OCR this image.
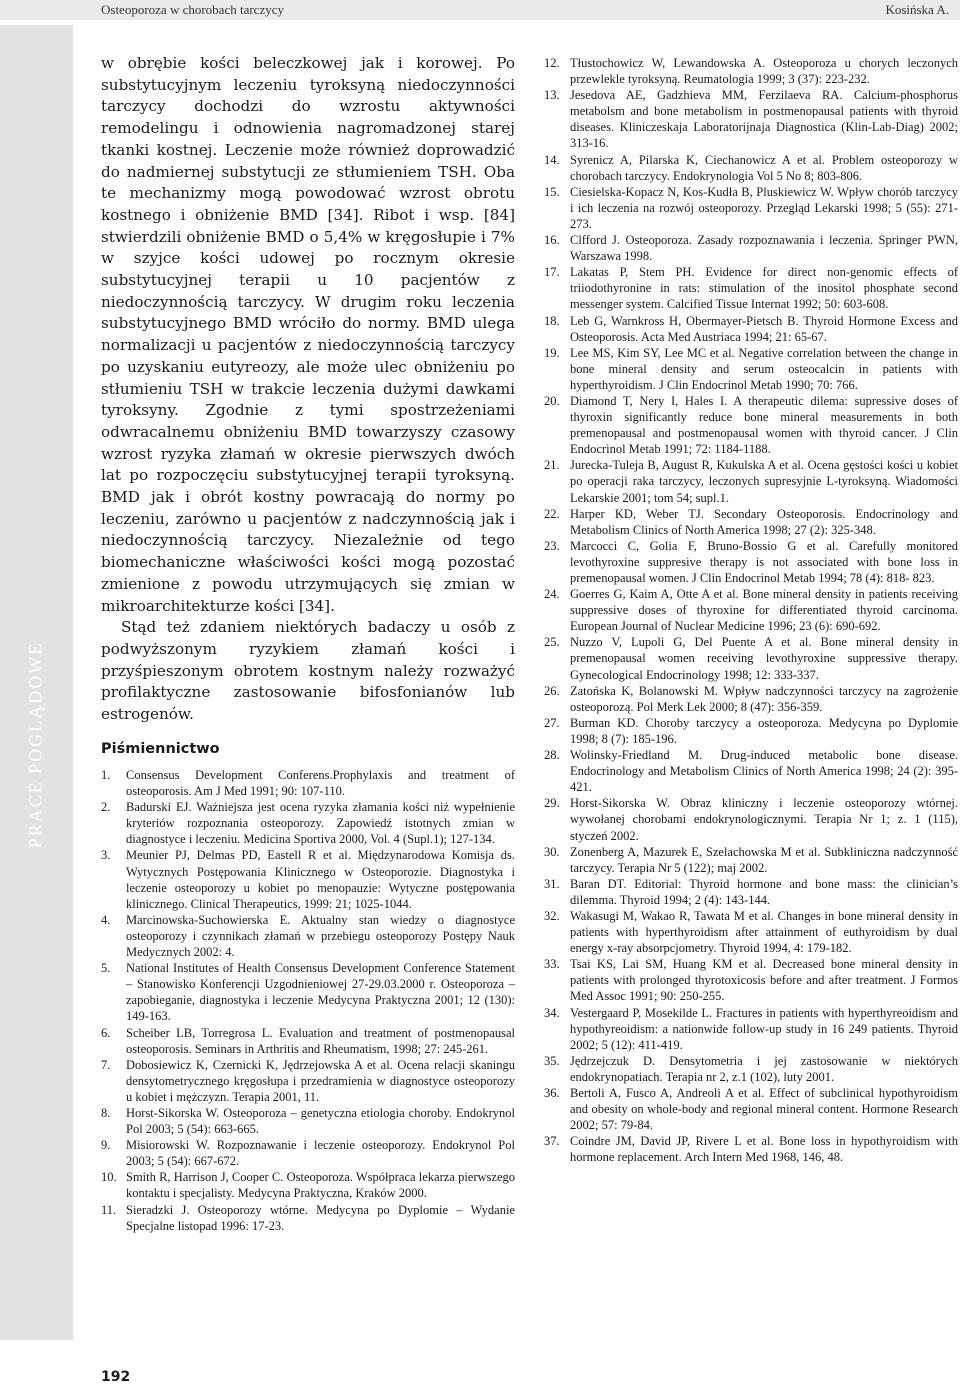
Osteoporoza w chorobach tarczycy	Kosińska A.
PRACE POGLĄDOWE

w obrębie kości beleczkowej jak i korowej. Po substytucyjnym leczeniu tyroksyną niedoczynności tarczycy dochodzi do wzrostu aktywności remodelingu i odnowienia nagromadzonej starej tkanki kostnej. Leczenie może również doprowadzić do nadmiernej substytucji ze stłumieniem TSH. Oba te mechanizmy mogą powodować wzrost obrotu kostnego i obniżenie BMD [34]. Ribot i wsp. [84] stwierdzili obniżenie BMD o 5,4% w kręgosłupie i 7% w szyjce kości udowej po rocznym okresie substytucyjnej terapii u 10 pacjentów z niedoczynnością tarczycy. W drugim roku leczenia substytucyjnego BMD wróciło do normy. BMD ulega normalizacji u pacjentów z niedoczynnością tarczycy po uzyskaniu eutyreozy, ale może ulec obniżeniu po stłumieniu TSH w trakcie leczenia dużymi dawkami tyroksyny. Zgodnie z tymi spostrzeżeniami odwracalnemu obniżeniu BMD towarzyszy czasowy wzrost ryzyka złamań w okresie pierwszych dwóch lat po rozpoczęciu substytucyjnej terapii tyroksyną. BMD jak i obrót kostny powracają do normy po leczeniu, zarówno u pacjentów z nadczynnością jak i niedoczynnością tarczycy. Niezależnie od tego biomechaniczne właściwości kości mogą pozostać zmienione z powodu utrzymujących się zmian w mikroarchitekturze kości [34].

Stąd też zdaniem niektórych badaczy u osób z podwyższonym ryzykiem złamań kości i przyśpieszonym obrotem kostnym należy rozważyć profilaktyczne zastosowanie bifosfonianów lub estrogenów.

Piśmiennictwo
1. Consensus Development Conferens.Prophylaxis and treatment of osteoporosis. Am J Med 1991; 90: 107-110.
2. Badurski EJ. Ważniejsza jest ocena ryzyka złamania kości niż wypełnienie kryteriów rozpoznania osteoporozy. Zapowiedź istotnych zmian w diagnostyce i leczeniu. Medicina Sportiva 2000, Vol. 4 (Supl.1); 127-134.
3. Meunier PJ, Delmas PD, Eastell R et al. Międzynarodowa Komisja ds. Wytycznych Postępowania Klinicznego w Osteoporozie. Diagnostyka i leczenie osteoporozy u kobiet po menopauzie: Wytyczne postępowania klinicznego. Clinical Therapeutics, 1999: 21; 1025-1044.
4. Marcinowska-Suchowierska E. Aktualny stan wiedzy o diagnostyce osteoporozy i czynnikach złamań w przebiegu osteoporozy Postępy Nauk Medycznych 2002: 4.
5. National Institutes of Health Consensus Development Conference Statement – Stanowisko Konferencji Uzgodnieniowej 27-29.03.2000 r. Osteoporoza – zapobieganie, diagnostyka i leczenie Medycyna Praktyczna 2001; 12 (130): 149-163.
6. Scheiber LB, Torregrosa L. Evaluation and treatment of postmenopausal osteoporosis. Seminars in Arthritis and Rheumatism, 1998; 27: 245-261.
7. Dobosiewicz K, Czernicki K, Jędrzejowska A et al. Ocena relacji skaningu densytometrycznego kręgosłupa i przedramienia w diagnostyce osteoporozy u kobiet i mężczyzn. Terapia 2001, 11.
8. Horst-Sikorska W. Osteoporoza – genetyczna etiologia choroby. Endokrynol Pol 2003; 5 (54): 663-665.
9. Misiorowski W. Rozpoznawanie i leczenie osteoporozy. Endokrynol Pol 2003; 5 (54): 667-672.
10. Smith R, Harrison J, Cooper C. Osteoporoza. Współpraca lekarza pierwszego kontaktu i specjalisty. Medycyna Praktyczna, Kraków 2000.
11. Sieradzki J. Osteoporozy wtórne. Medycyna po Dyplomie – Wydanie Specjalne listopad 1996: 17-23.
12. Tłustochowicz W, Lewandowska A. Osteoporoza u chorych leczonych przewlekle tyroksyną. Reumatologia 1999; 3 (37): 223-232.
13. Jesedova AE, Gadzhieva MM, Ferzilaeva RA. Calcium-phosphorus metabolsm and bone metabolism in postmenopausal patients with thyroid diseases. Kliniczeskaja Laboratorijnaja Diagnostica (Klin-Lab-Diag) 2002; 313-16.
14. Syrenicz A, Pilarska K, Ciechanowicz A et al. Problem osteoporozy w chorobach tarczycy. Endokrynologia Vol 5 No 8; 803-806.
15. Ciesielska-Kopacz N, Kos-Kudła B, Pluskiewicz W. Wpływ chorób tarczycy i ich leczenia na rozwój osteoporozy. Przegląd Lekarski 1998; 5 (55): 271-273.
16. Clfford J. Osteoporoza. Zasady rozpoznawania i leczenia. Springer PWN, Warszawa 1998.
17. Lakatas P, Stem PH. Evidence for direct non-genomic effects of triiodothyronine in rats: stimulation of the inositol phosphate second messenger system. Calcified Tissue Internat 1992; 50: 603-608.
18. Leb G, Warnkross H, Obermayer-Pietsch B. Thyroid Hormone Excess and Osteoporosis. Acta Med Austriaca 1994; 21: 65-67.
19. Lee MS, Kim SY, Lee MC et al. Negative correlation between the change in bone mineral density and serum osteocalcin in patients with hyperthyroidism. J Clin Endocrinol Metab 1990; 70: 766.
20. Diamond T, Nery I, Hales I. A therapeutic dilema: supressive doses of thyroxin significantly reduce bone mineral measurements in both premenopausal and postmenopausal women with thyroid cancer. J Clin Endocrinol Metab 1991; 72: 1184-1188.
21. Jurecka-Tuleja B, August R, Kukulska A et al. Ocena gęstości kości u kobiet po operacji raka tarczycy, leczonych supresyjnie L-tyroksyną. Wiadomości Lekarskie 2001; tom 54; supl.1.
22. Harper KD, Weber TJ. Secondary Osteoporosis. Endocrinology and Metabolism Clinics of North America 1998; 27 (2): 325-348.
23. Marcocci C, Golia F, Bruno-Bossio G et al. Carefully monitored levothyroxine suppresive therapy is not associated with bone loss in premenopausal women. J Clin Endocrinol Metab 1994; 78 (4): 818- 823.
24. Goerres G, Kaim A, Otte A et al. Bone mineral density in patients receiving suppressive doses of thyroxine for differentiated thyroid carcinoma. European Journal of Nuclear Medicine 1996; 23 (6): 690-692.
25. Nuzzo V, Lupoli G, Del Puente A et al. Bone mineral density in premenopausal women receiving levothyroxine suppressive therapy. Gynecological Endocrinology 1998; 12: 333-337.
26. Zatońska K, Bolanowski M. Wpływ nadczynności tarczycy na zagrożenie osteoporozą. Pol Merk Lek 2000; 8 (47): 356-359.
27. Burman KD. Choroby tarczycy a osteoporoza. Medycyna po Dyplomie 1998; 8 (7): 185-196.
28. Wolinsky-Friedland M. Drug-induced metabolic bone disease. Endocrinology and Metabolism Clinics of North America 1998; 24 (2): 395-421.
29. Horst-Sikorska W. Obraz kliniczny i leczenie osteoporozy wtórnej. wywołanej chorobami endokrynologicznymi. Terapia Nr 1; z. 1 (115), styczeń 2002.
30. Zonenberg A, Mazurek E, Szelachowska M et al. Subkliniczna nadczynność tarczycy. Terapia Nr 5 (122); maj 2002.
31. Baran DT. Editorial: Thyroid hormone and bone mass: the clinician’s dilemma. Thyroid 1994; 2 (4): 143-144.
32. Wakasugi M, Wakao R, Tawata M et al. Changes in bone mineral density in patients with hyperthyroidism after attainment of euthyroidism by dual energy x-ray absorpcjometry. Thyroid 1994, 4: 179-182.
33. Tsai KS, Lai SM, Huang KM et al. Decreased bone mineral density in patients with prolonged thyrotoxicosis before and after treatment. J Formos Med Assoc 1991; 90: 250-255.
34. Vestergaard P, Mosekilde L. Fractures in patients with hyperthyreoidism and hypothyreoidism: a nationwide follow-up study in 16 249 patients. Thyroid 2002; 5 (12): 411-419.
35. Jędrzejczuk D. Densytometria i jej zastosowanie w niektórych endokrynopatiach. Terapia nr 2, z.1 (102), luty 2001.
36. Bertoli A, Fusco A, Andreoli A et al. Effect of subclinical hypothyroidism and obesity on whole-body and regional mineral content. Hormone Research 2002; 57: 79-84.
37. Coindre JM, David JP, Rivere L et al. Bone loss in hypothyroidism with hormone replacement. Arch Intern Med 1968, 146, 48.
192
